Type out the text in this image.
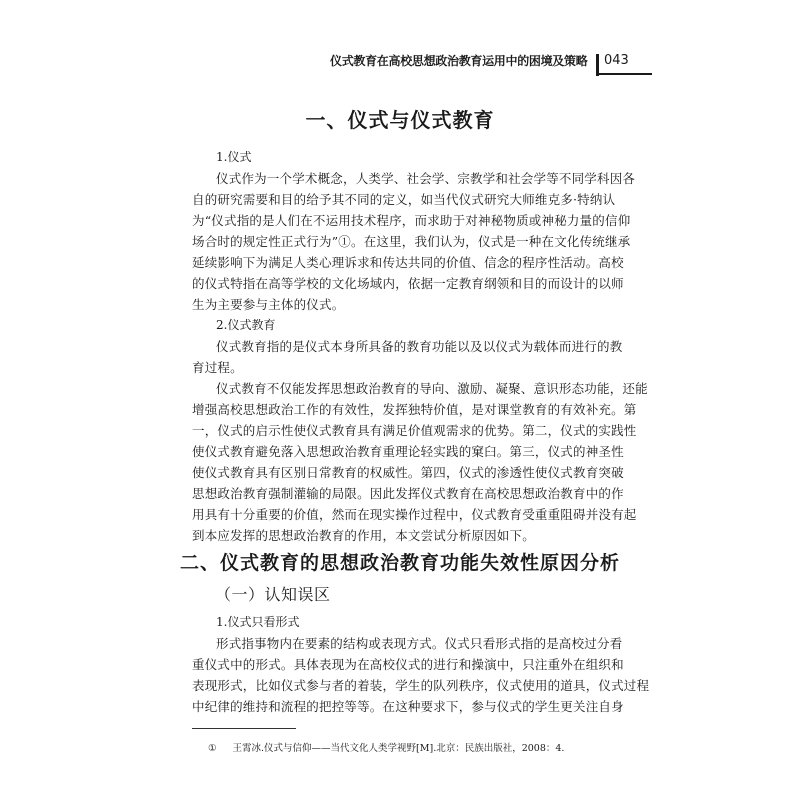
仪式教育在高校思想政治教育运用中的困境及策略	043
一、仪式与仪式教育
1.仪式
仪式作为一个学术概念，人类学、社会学、宗教学和社会学等不同学科因各
自的研究需要和目的给予其不同的定义，如当代仪式研究大师维克多·特纳认
为“仪式指的是人们在不运用技术程序，而求助于对神秘物质或神秘力量的信仰
场合时的规定性正式行为”①。在这里，我们认为，仪式是一种在文化传统继承
延续影响下为满足人类心理诉求和传达共同的价值、信念的程序性活动。高校
的仪式特指在高等学校的文化场域内，依据一定教育纲领和目的而设计的以师
生为主要参与主体的仪式。
2.仪式教育
仪式教育指的是仪式本身所具备的教育功能以及以仪式为载体而进行的教
育过程。
仪式教育不仅能发挥思想政治教育的导向、激励、凝聚、意识形态功能，还能
增强高校思想政治工作的有效性，发挥独特价值，是对课堂教育的有效补充。第
一，仪式的启示性使仪式教育具有满足价值观需求的优势。第二，仪式的实践性
使仪式教育避免落入思想政治教育重理论轻实践的窠臼。第三，仪式的神圣性
使仪式教育具有区别日常教育的权威性。第四，仪式的渗透性使仪式教育突破
思想政治教育强制灌输的局限。因此发挥仪式教育在高校思想政治教育中的作
用具有十分重要的价值，然而在现实操作过程中，仪式教育受重重阻碍并没有起
到本应发挥的思想政治教育的作用，本文尝试分析原因如下。
二、仪式教育的思想政治教育功能失效性原因分析
（一）认知误区
1.仪式只看形式
形式指事物内在要素的结构或表现方式。仪式只看形式指的是高校过分看
重仪式中的形式。具体表现为在高校仪式的进行和操演中，只注重外在组织和
表现形式，比如仪式参与者的着装，学生的队列秩序，仪式使用的道具，仪式过程
中纪律的维持和流程的把控等等。在这种要求下，参与仪式的学生更关注自身
① 王霄冰.仪式与信仰——当代文化人类学视野[M].北京：民族出版社，2008：4.
